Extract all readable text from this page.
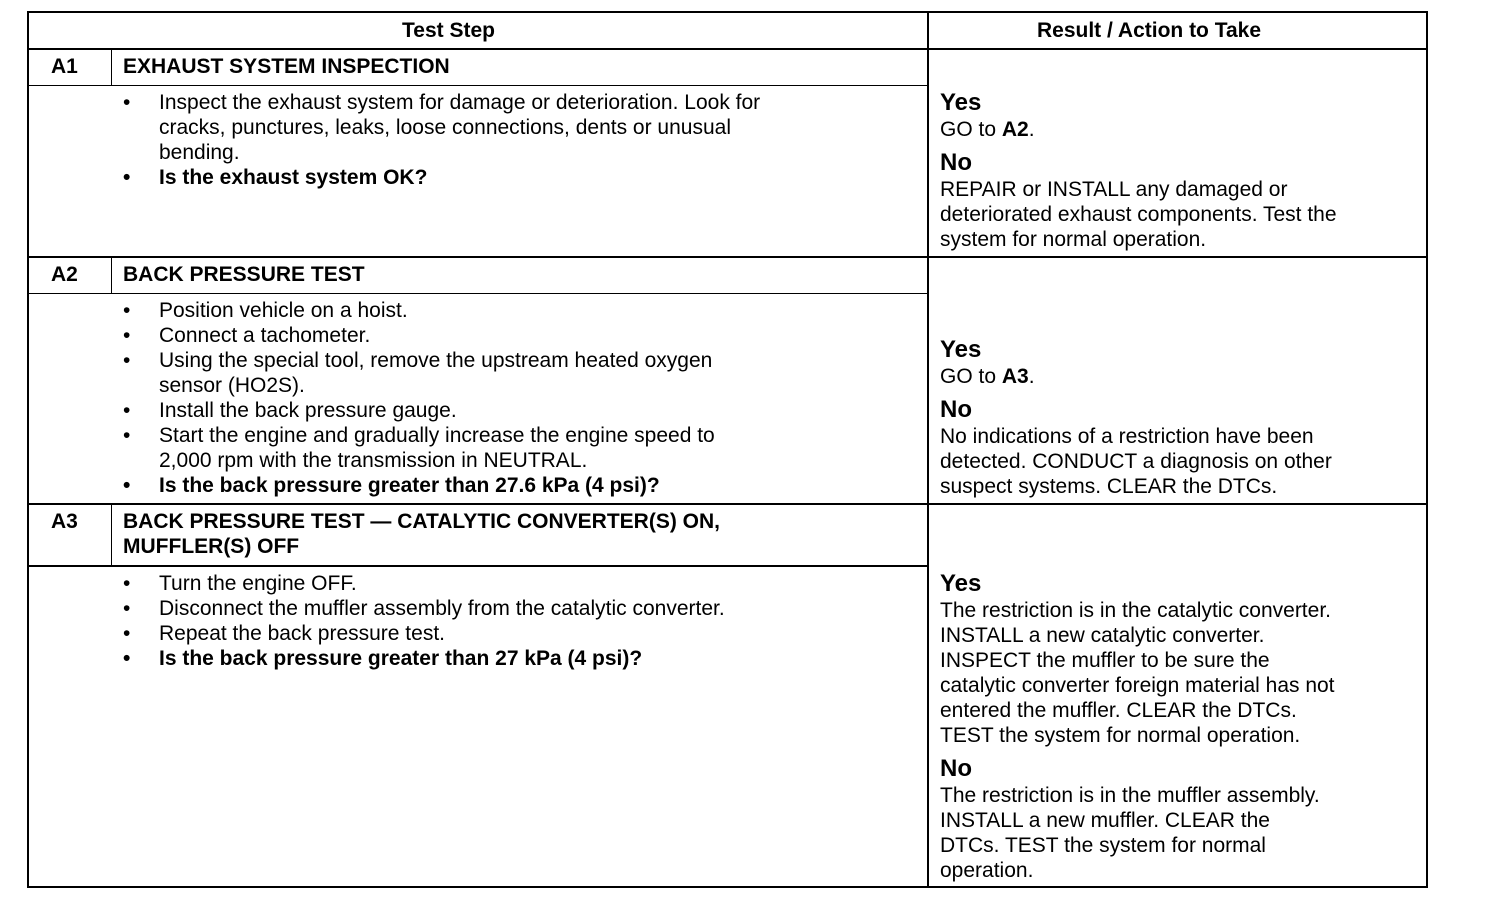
Test Step	Result / Action to Take
A1 EXHAUST SYSTEM INSPECTION
• Inspect the exhaust system for damage or deterioration. Look for
cracks, punctures, leaks, loose connections, dents or unusual
bending.
• Is the exhaust system OK?
Yes
GO to A2.
No
REPAIR or INSTALL any damaged or
deteriorated exhaust components. Test the
system for normal operation.
A2 BACK PRESSURE TEST
• Position vehicle on a hoist.
• Connect a tachometer.
• Using the special tool, remove the upstream heated oxygen
sensor (HO2S).
• Install the back pressure gauge.
• Start the engine and gradually increase the engine speed to
2,000 rpm with the transmission in NEUTRAL.
• Is the back pressure greater than 27.6 kPa (4 psi)?
Yes
GO to A3.
No
No indications of a restriction have been
detected. CONDUCT a diagnosis on other
suspect systems. CLEAR the DTCs.
A3 BACK PRESSURE TEST — CATALYTIC CONVERTER(S) ON,
MUFFLER(S) OFF
• Turn the engine OFF.
• Disconnect the muffler assembly from the catalytic converter.
• Repeat the back pressure test.
• Is the back pressure greater than 27 kPa (4 psi)?
Yes
The restriction is in the catalytic converter.
INSTALL a new catalytic converter.
INSPECT the muffler to be sure the
catalytic converter foreign material has not
entered the muffler. CLEAR the DTCs.
TEST the system for normal operation.
No
The restriction is in the muffler assembly.
INSTALL a new muffler. CLEAR the
DTCs. TEST the system for normal
operation.
